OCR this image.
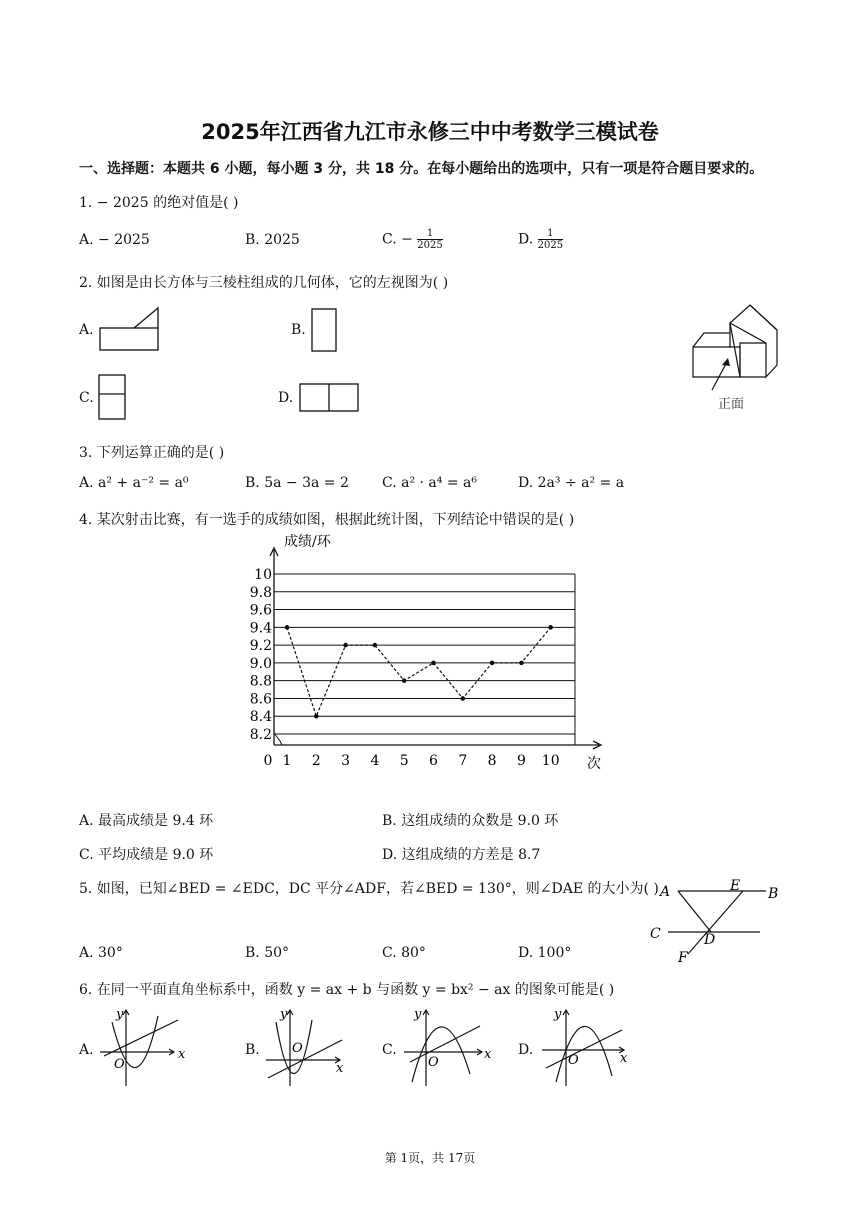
2025年江西省九江市永修三中中考数学三模试卷
一、选择题：本题共 6 小题，每小题 3 分，共 18 分。在每小题给出的选项中，只有一项是符合题目要求的。
1. − 2025 的绝对值是( )
A. − 2025	B. 2025	C. − $\frac{1}{2025}$	D. $\frac{1}{2025}$
2. 如图是由长方体与三棱柱组成的几何体，它的左视图为( )
A.	B.
C.	D.	正面
3. 下列运算正确的是( )
A. a² + a⁻² = a⁰	B. 5a − 3a = 2 C. a² · a⁴ = a⁶	D. 2a³ ÷ a² = a
4. 某次射击比赛，有一选手的成绩如图，根据此统计图，下列结论中错误的是( )
8.2
8.4
8.6
8.8
9.0
9.2
9.4
9.6
9.8
10
0 1 2 3 4 5 6 7 8 9 10
成绩/环
次
A. 最高成绩是 9.4 环	B. 这组成绩的众数是 9.0 环
C. 平均成绩是 9.0 环	D. 这组成绩的方差是 8.7
5. 如图，已知∠BED = ∠EDC，DC 平分∠ADF，若∠BED = 130°，则∠DAE 的大小为( ) A	E B
C	D
F
A. 30°	B. 50°	C. 80°	D. 100°
6. 在同一平面直角坐标系中，函数 y = ax + b 与函数 y = bx² − ax 的图象可能是( )
A.	x
y
O
B.
x
y
O	C.	x
y
O
D.
x
y
O
第 1页，共 17页
